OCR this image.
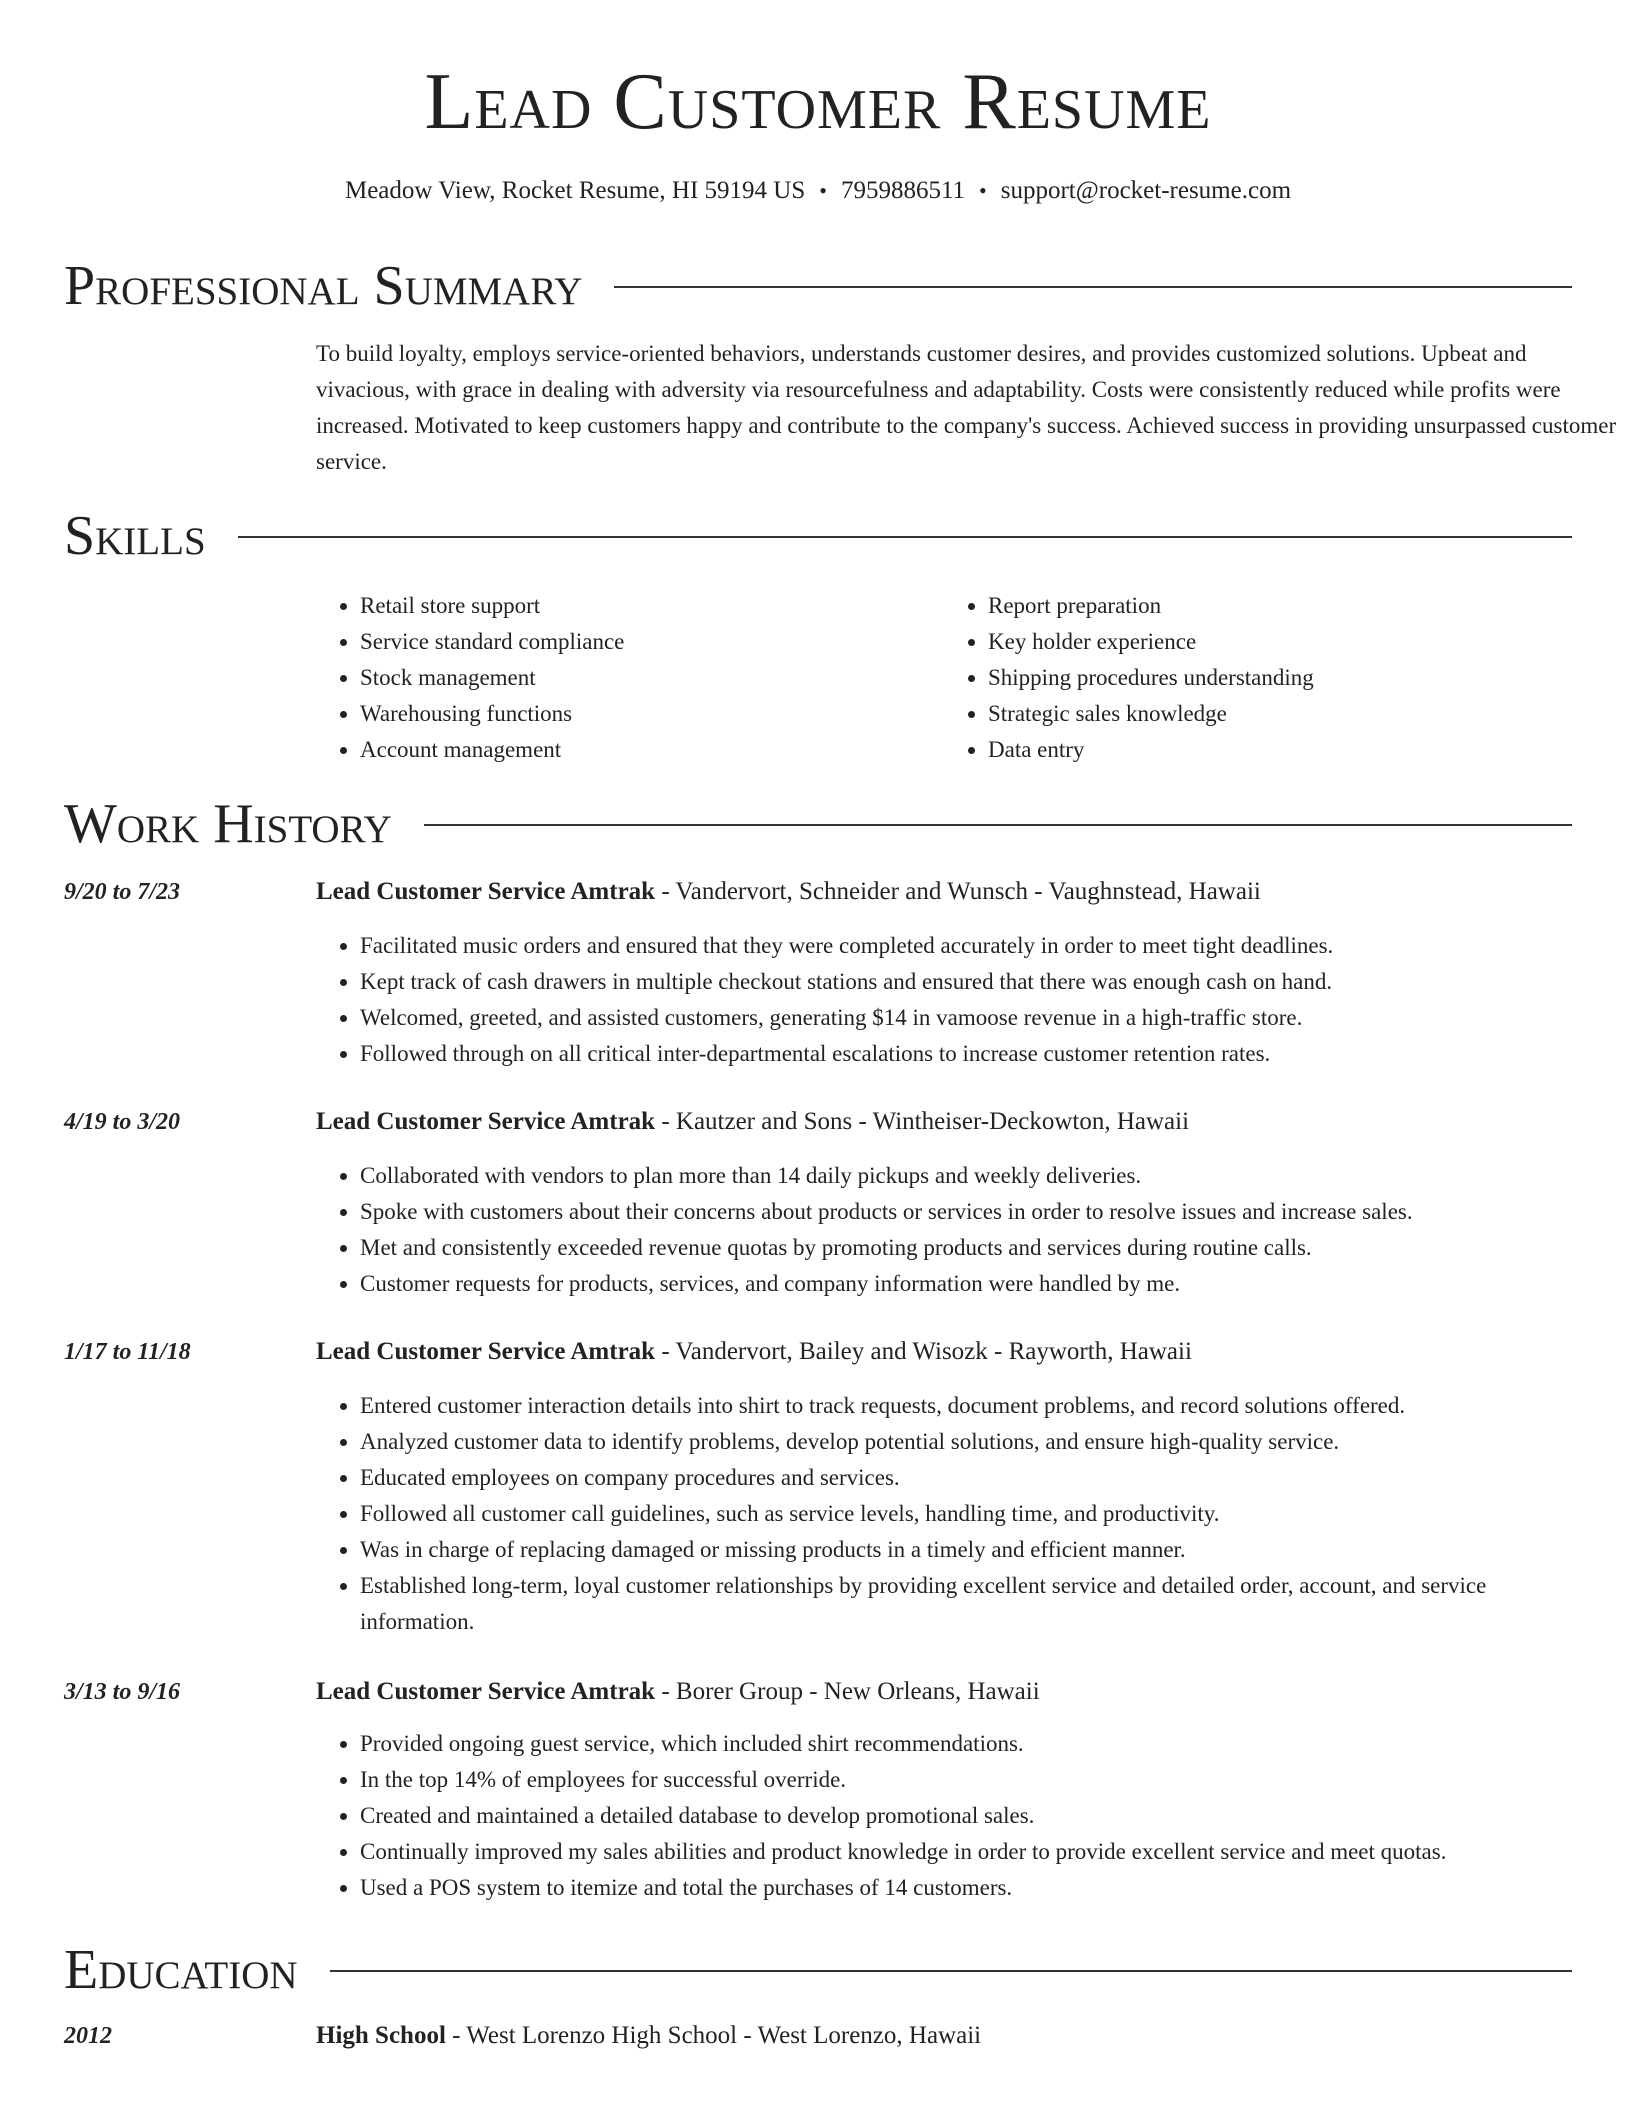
Lead Customer Resume
Meadow View, Rocket Resume, HI 59194 US • 7959886511 • support@rocket-resume.com
Professional Summary

To build loyalty, employs service-oriented behaviors, understands customer desires, and provides customized solutions. Upbeat and vivacious, with grace in dealing with adversity via resourcefulness and adaptability. Costs were consistently reduced while profits were increased. Motivated to keep customers happy and contribute to the company's success. Achieved success in providing unsurpassed customer service.

Skills
• Retail store support
• Service standard compliance
• Stock management
• Warehousing functions
• Account management
• Report preparation
• Key holder experience
• Shipping procedures understanding
• Strategic sales knowledge
• Data entry
Work History
9/20 to 7/23	Lead Customer Service Amtrak - Vandervort, Schneider and Wunsch - Vaughnstead, Hawaii
• Facilitated music orders and ensured that they were completed accurately in order to meet tight deadlines.
• Kept track of cash drawers in multiple checkout stations and ensured that there was enough cash on hand.
• Welcomed, greeted, and assisted customers, generating $14 in vamoose revenue in a high-traffic store.
• Followed through on all critical inter-departmental escalations to increase customer retention rates.
4/19 to 3/20	Lead Customer Service Amtrak - Kautzer and Sons - Wintheiser-Deckowton, Hawaii
• Collaborated with vendors to plan more than 14 daily pickups and weekly deliveries.
• Spoke with customers about their concerns about products or services in order to resolve issues and increase sales.
• Met and consistently exceeded revenue quotas by promoting products and services during routine calls.
• Customer requests for products, services, and company information were handled by me.
1/17 to 11/18	Lead Customer Service Amtrak - Vandervort, Bailey and Wisozk - Rayworth, Hawaii
• Entered customer interaction details into shirt to track requests, document problems, and record solutions offered.
• Analyzed customer data to identify problems, develop potential solutions, and ensure high-quality service.
• Educated employees on company procedures and services.
• Followed all customer call guidelines, such as service levels, handling time, and productivity.
• Was in charge of replacing damaged or missing products in a timely and efficient manner.
• Established long-term, loyal customer relationships by providing excellent service and detailed order, account, and service information.
3/13 to 9/16	Lead Customer Service Amtrak - Borer Group - New Orleans, Hawaii
• Provided ongoing guest service, which included shirt recommendations.
• In the top 14% of employees for successful override.
• Created and maintained a detailed database to develop promotional sales.
• Continually improved my sales abilities and product knowledge in order to provide excellent service and meet quotas.
• Used a POS system to itemize and total the purchases of 14 customers.
Education
2012	High School - West Lorenzo High School - West Lorenzo, Hawaii
